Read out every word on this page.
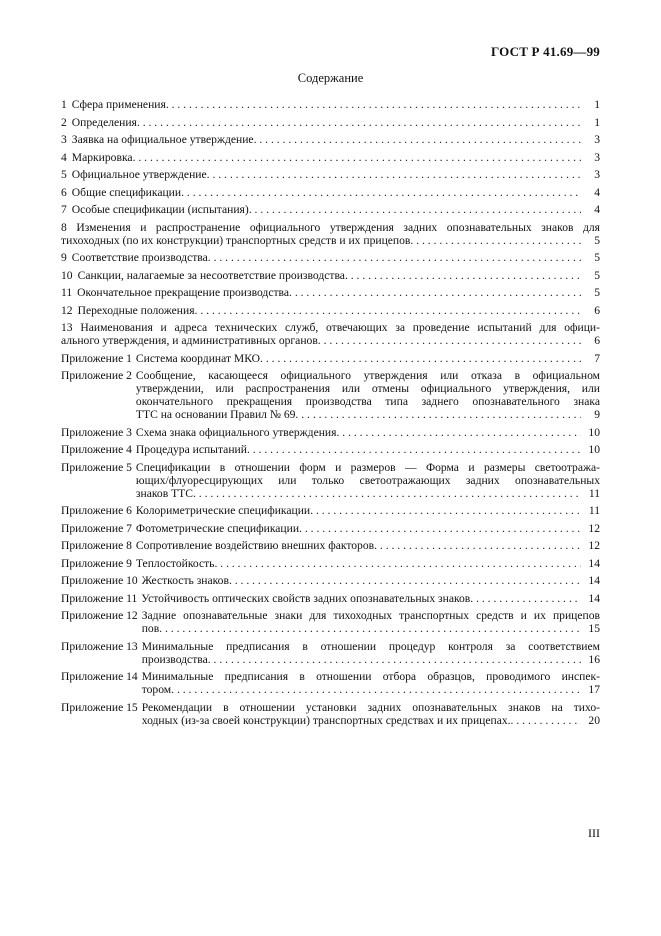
ГОСТ Р 41.69—99
Содержание
1 Сфера применения . . .	1
2 Определения . . .	1
3 Заявка на официальное утверждение . . .	3
4 Маркировка . . .	3
5 Официальное утверждение . . .	3
6 Общие спецификации . . .	4
7 Особые спецификации (испытания) . . .	4
8 Изменения и распространение официального утверждения задних опознавательных знаков для
тихоходных (по их конструкции) транспортных средств и их прицепов . . .	5
9 Соответствие производства . . .	5
10 Санкции, налагаемые за несоответствие производства . . .	5
11 Окончательное прекращение производства . . .	5
12 Переходные положения . . .	6
13 Наименования и адреса технических служб, отвечающих за проведение испытаний для офици-
ального утверждения, и административных органов . . .	6
Приложение 1 Система координат МКО . . .	7
Приложение 2 Сообщение, касающееся официального утверждения или отказа в официальном
утверждении, или распространения или отмены официального утверждения, или
окончательного прекращения производства типа заднего опознавательного знака
ТТС на основании Правил № 69 . . .	9
Приложение 3 Схема знака официального утверждения . . .	10
Приложение 4 Процедура испытаний . . .	10
Приложение 5 Спецификации в отношении форм и размеров — Форма и размеры светоотража-
ющих/флуоресцирующих или только светоотражающих задних опознавательных
знаков ТТС . . .	11
Приложение 6 Колориметрические спецификации . . .	11
Приложение 7 Фотометрические спецификации . . .	12
Приложение 8 Сопротивление воздействию внешних факторов . . .	12
Приложение 9 Теплостойкость . . .	14
Приложение 10 Жесткость знаков . . .	14
Приложение 11 Устойчивость оптических свойств задних опознавательных знаков . . .	14
Приложение 12 Задние опознавательные знаки для тихоходных транспортных средств и их прицепов
пов . . .	15
Приложение 13 Минимальные предписания в отношении процедур контроля за соответствием
производства . . .	16
Приложение 14 Минимальные предписания в отношении отбора образцов, проводимого инспек-
тором . . .	17
Приложение 15 Рекомендации в отношении установки задних опознавательных знаков на тихо-
ходных (из-за своей конструкции) транспортных средствах и их прицепах. . . .	20
III
